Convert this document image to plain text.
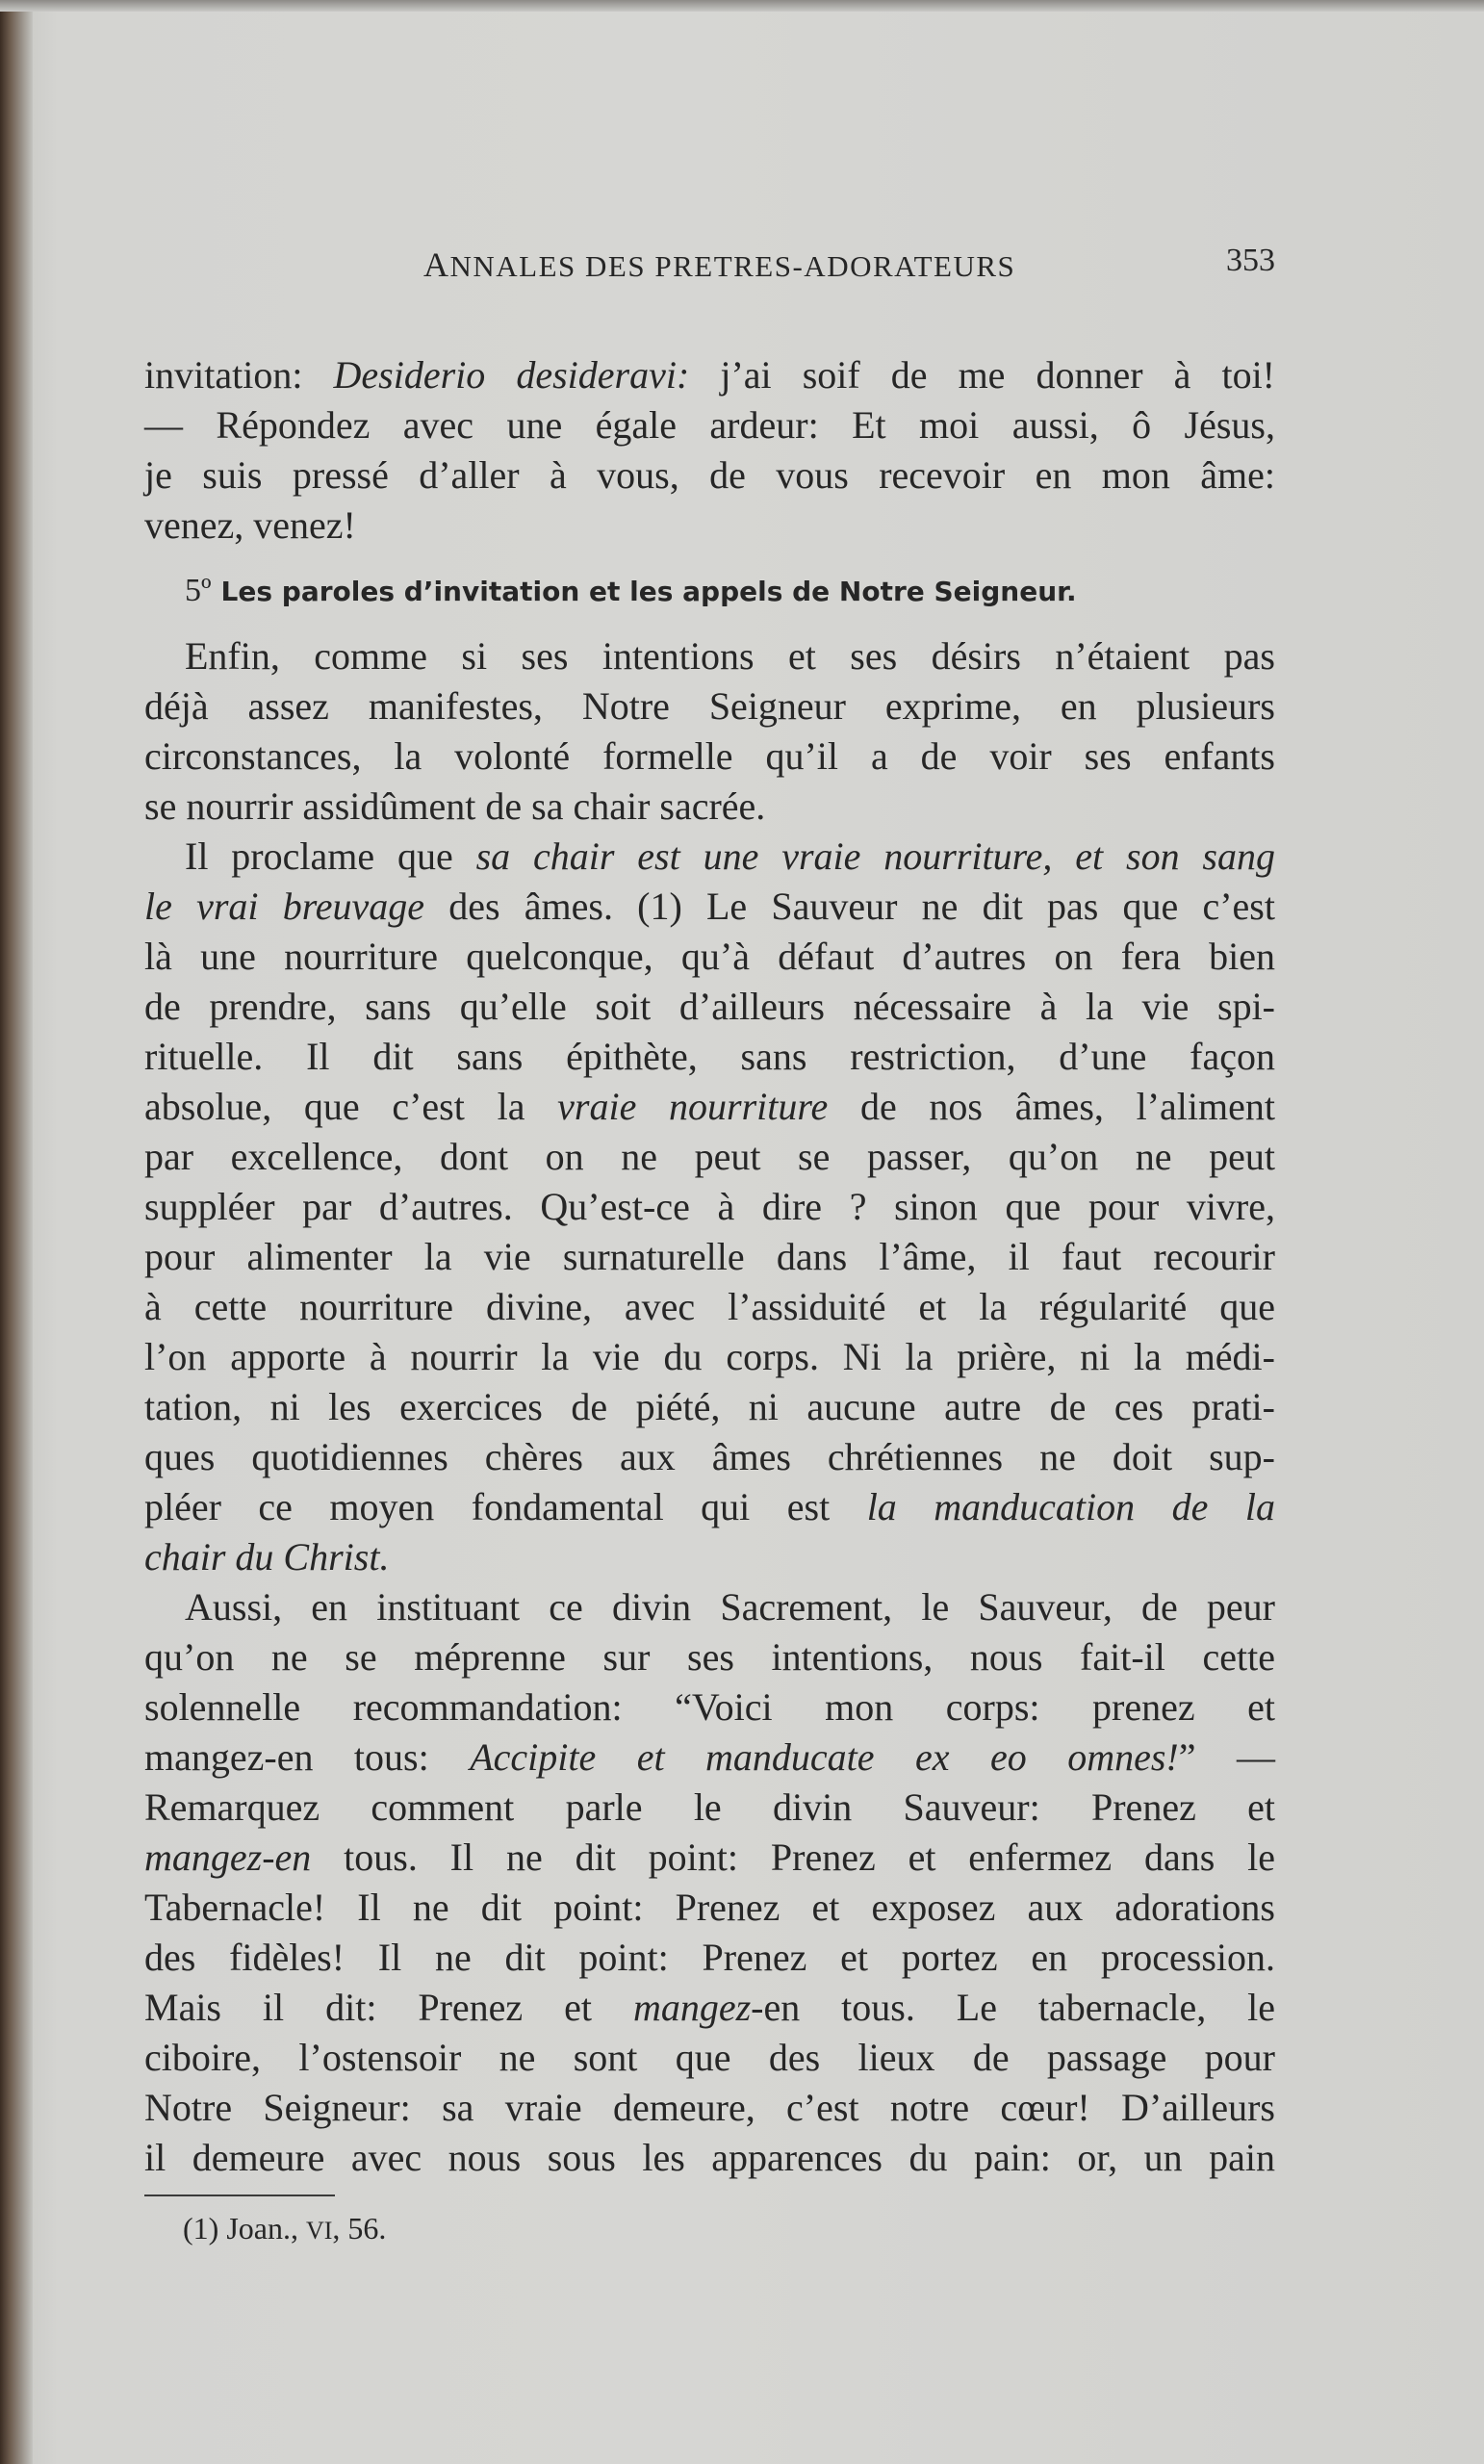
ANNALES DES PRETRES-ADORATEURS	353
invitation: Desiderio desideravi: j’ai soif de me donner à toi!
— Répondez avec une égale ardeur: Et moi aussi, ô Jésus,
je suis pressé d’aller à vous, de vous recevoir en mon âme:
venez, venez!
5º Les paroles d’invitation et les appels de Notre Seigneur.
Enfin, comme si ses intentions et ses désirs n’étaient pas
déjà assez manifestes, Notre Seigneur exprime, en plusieurs
circonstances, la volonté formelle qu’il a de voir ses enfants
se nourrir assidûment de sa chair sacrée.
Il proclame que sa chair est une vraie nourriture, et son sang
le vrai breuvage des âmes. (1) Le Sauveur ne dit pas que c’est
là une nourriture quelconque, qu’à défaut d’autres on fera bien
de prendre, sans qu’elle soit d’ailleurs nécessaire à la vie spi-
rituelle. Il dit sans épithète, sans restriction, d’une façon
absolue, que c’est la vraie nourriture de nos âmes, l’aliment
par excellence, dont on ne peut se passer, qu’on ne peut
suppléer par d’autres. Qu’est-ce à dire ? sinon que pour vivre,
pour alimenter la vie surnaturelle dans l’âme, il faut recourir
à cette nourriture divine, avec l’assiduité et la régularité que
l’on apporte à nourrir la vie du corps. Ni la prière, ni la médi-
tation, ni les exercices de piété, ni aucune autre de ces prati-
ques quotidiennes chères aux âmes chrétiennes ne doit sup-
pléer ce moyen fondamental qui est la manducation de la
chair du Christ.
Aussi, en instituant ce divin Sacrement, le Sauveur, de peur
qu’on ne se méprenne sur ses intentions, nous fait-il cette
solennelle recommandation: “Voici mon corps: prenez et
mangez-en tous: Accipite et manducate ex eo omnes!” —
Remarquez comment parle le divin Sauveur: Prenez et
mangez-en tous. Il ne dit point: Prenez et enfermez dans le
Tabernacle! Il ne dit point: Prenez et exposez aux adorations
des fidèles! Il ne dit point: Prenez et portez en procession.
Mais il dit: Prenez et mangez-en tous. Le tabernacle, le
ciboire, l’ostensoir ne sont que des lieux de passage pour
Notre Seigneur: sa vraie demeure, c’est notre cœur! D’ailleurs
il demeure avec nous sous les apparences du pain: or, un pain
(1) Joan., VI, 56.
